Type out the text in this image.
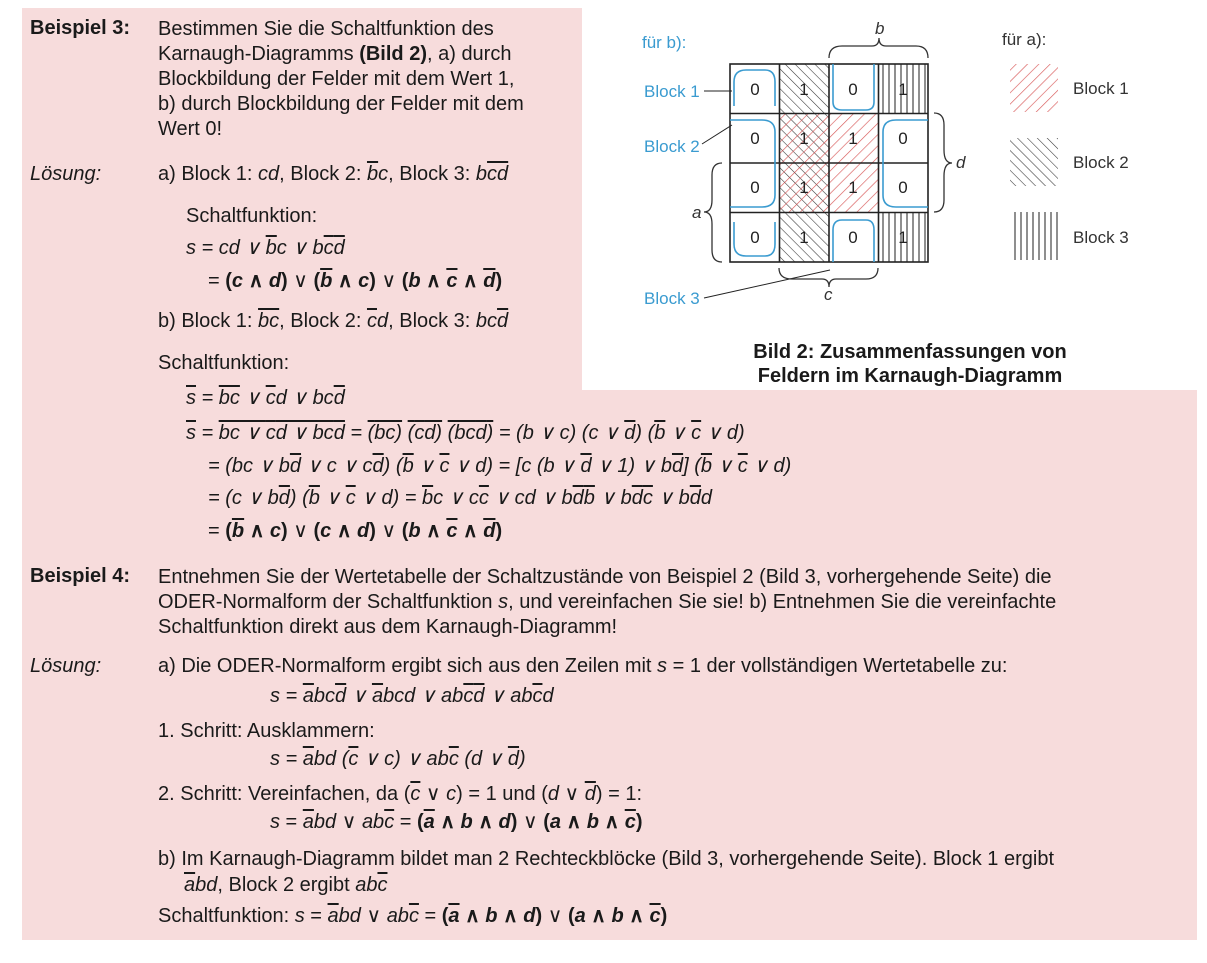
Beispiel 3: Bestimmen Sie die Schaltfunktion des
Karnaugh-Diagramms (Bild 2), a) durch
Blockbildung der Felder mit dem Wert 1,
b) durch Blockbildung der Felder mit dem
Wert 0!
Lösung:	a) Block 1: cd, Block 2: $\overline{b}c$, Block 3: $b\overline{cd}$
Schaltfunktion:
s = cd ∨ $\overline{b}c$ ∨ $b\overline{c}\overline{d}$
= (c ∧ d) ∨ ($\overline{b}$ ∧ c) ∨ (b ∧ $\overline{c}$ ∧ $\overline{d}$)
b) Block 1: $\overline{bc}$, Block 2: $\overline{c}d$, Block 3: $bc\overline{d}$
Schaltfunktion:
$\overline{s} = \overline{bc}$ ∨ $\overline{c}d$ ∨ $bc\overline{d}$
s = bc ∨ cd ∨ bcd = (bc) (cd) (bcd) = (b ∨ c) (c ∨ $\overline{d}$) ($\overline{b}$ ∨ $\overline{c}$ ∨ d)
= (bc ∨ $b\overline{d}$ ∨ c ∨ $c\overline{d}$) ($\overline{b}$ ∨ $\overline{c}$ ∨ d) = [c (b ∨ $\overline{d}$ ∨ 1) ∨ $b\overline{d}$] ($\overline{b}$ ∨ $\overline{c}$ ∨ d)
= (c ∨ $b\overline{d}$) ($\overline{b}$ ∨ $\overline{c}$ ∨ $d) = \overline{b}c$ ∨ $c\overline{c}$ ∨ cd ∨ $b\overline{d}\overline{b}$ ∨ $b\overline{d}\overline{c}$ ∨ $b\overline{d}d$
= ($\overline{b}$ ∧ c) ∨ (c ∧ d) ∨ (b ∧ $\overline{c}$ ∧ $\overline{d}$)
für b):	für a):
0 1 0 1
0 1 1 0
0 1 1 0
0 1 0 1
Block 1
Block 2
Block 3
b
d
a
c
Block 1
Block 2
Block 3
Bild 2: Zusammenfassungen von
Feldern im Karnaugh-Diagramm
Beispiel 4: Entnehmen Sie der Wertetabelle der Schaltzustände von Beispiel 2 (Bild 3, vorhergehende Seite) die
ODER-Normalform der Schaltfunktion s, und vereinfachen Sie sie! b) Entnehmen Sie die vereinfachte
Schaltfunktion direkt aus dem Karnaugh-Diagramm!
Lösung:	a) Die ODER-Normalform ergibt sich aus den Zeilen mit s = 1 der vollständigen Wertetabelle zu:
$s = \overline{a}bc\overline{d}$ ∨ $\overline{a}bcd$ ∨ $ab\overline{c}\overline{d}$ ∨ $ab\overline{c}d$
1. Schritt: Ausklammern:
$s = \overline{a}bd$ ($\overline{c}$ ∨ c) ∨ $ab\overline{c}$ (d ∨ $\overline{d}$)
2. Schritt: Vereinfachen, da ($\overline{c}$ ∨ c) = 1 und (d ∨ $\overline{d}) = 1$:
$s = \overline{a}bd$ ∨ $ab\overline{c} = (\overline{a}$ ∧ b ∧ d) ∨ (a ∧ b ∧ $\overline{c}$)
b) Im Karnaugh-Diagramm bildet man 2 Rechteckblöcke (Bild 3, vorhergehende Seite). Block 1 ergibt
$\overline{a}bd$, Block 2 ergibt $ab\overline{c}$
Schaltfunktion: $s = \overline{a}bd$ ∨ $ab\overline{c} = (\overline{a}$ ∧ b ∧ d) ∨ (a ∧ b ∧ $\overline{c}$)
